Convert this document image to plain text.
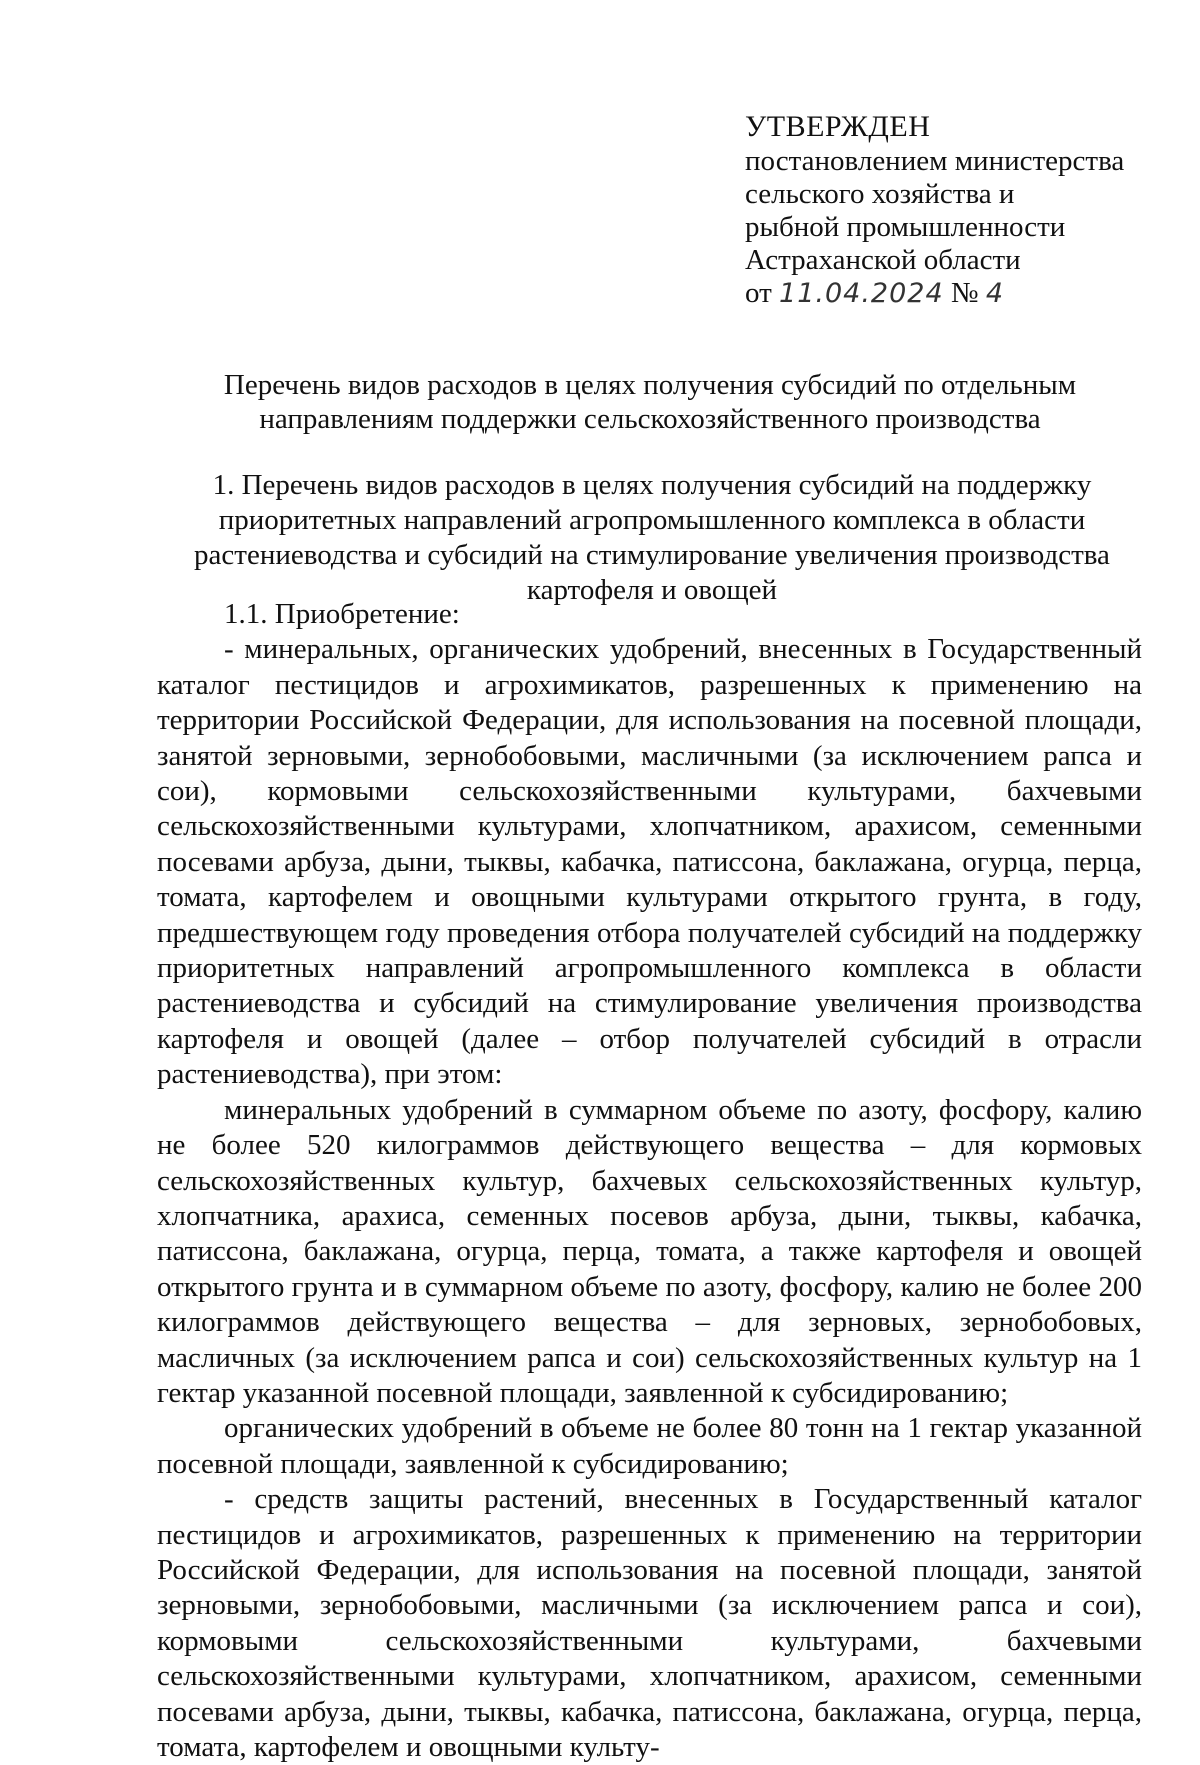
УТВЕРЖДЕН
постановлением министерства
сельского хозяйства и
рыбной промышленности
Астраханской области
от 11.04.2024 № 4
Перечень видов расходов в целях получения субсидий по отдельным направлениям поддержки сельскохозяйственного производства
1. Перечень видов расходов в целях получения субсидий на поддержку приоритетных направлений агропромышленного комплекса в области растениеводства и субсидий на стимулирование увеличения производства картофеля и овощей

1.1. Приобретение:

- минеральных, органических удобрений, внесенных в Государственный каталог пестицидов и агрохимикатов, разрешенных к применению на территории Российской Федерации, для использования на посевной площади, занятой зерновыми, зернобобовыми, масличными (за исключением рапса и сои), кормовыми сельскохозяйственными культурами, бахчевыми сельскохозяйственными культурами, хлопчатником, арахисом, семенными посевами арбуза, дыни, тыквы, кабачка, патиссона, баклажана, огурца, перца, томата, картофелем и овощными культурами открытого грунта, в году, предшествующем году проведения отбора получателей субсидий на поддержку приоритетных направлений агропромышленного комплекса в области растениеводства и субсидий на стимулирование увеличения производства картофеля и овощей (далее – отбор получателей субсидий в отрасли растениеводства), при этом:

минеральных удобрений в суммарном объеме по азоту, фосфору, калию не более 520 килограммов действующего вещества – для кормовых сельскохозяйственных культур, бахчевых сельскохозяйственных культур, хлопчатника, арахиса, семенных посевов арбуза, дыни, тыквы, кабачка, патиссона, баклажана, огурца, перца, томата, а также картофеля и овощей открытого грунта и в суммарном объеме по азоту, фосфору, калию не более 200 килограммов действующего вещества – для зерновых, зернобобовых, масличных (за исключением рапса и сои) сельскохозяйственных культур на 1 гектар указанной посевной площади, заявленной к субсидированию;

органических удобрений в объеме не более 80 тонн на 1 гектар указанной посевной площади, заявленной к субсидированию;

- средств защиты растений, внесенных в Государственный каталог пестицидов и агрохимикатов, разрешенных к применению на территории Российской Федерации, для использования на посевной площади, занятой зерновыми, зернобобовыми, масличными (за исключением рапса и сои), кормовыми сельскохозяйственными культурами, бахчевыми сельскохозяйственными культурами, хлопчатником, арахисом, семенными посевами арбуза, дыни, тыквы, кабачка, патиссона, баклажана, огурца, перца, томата, картофелем и овощными культу-
